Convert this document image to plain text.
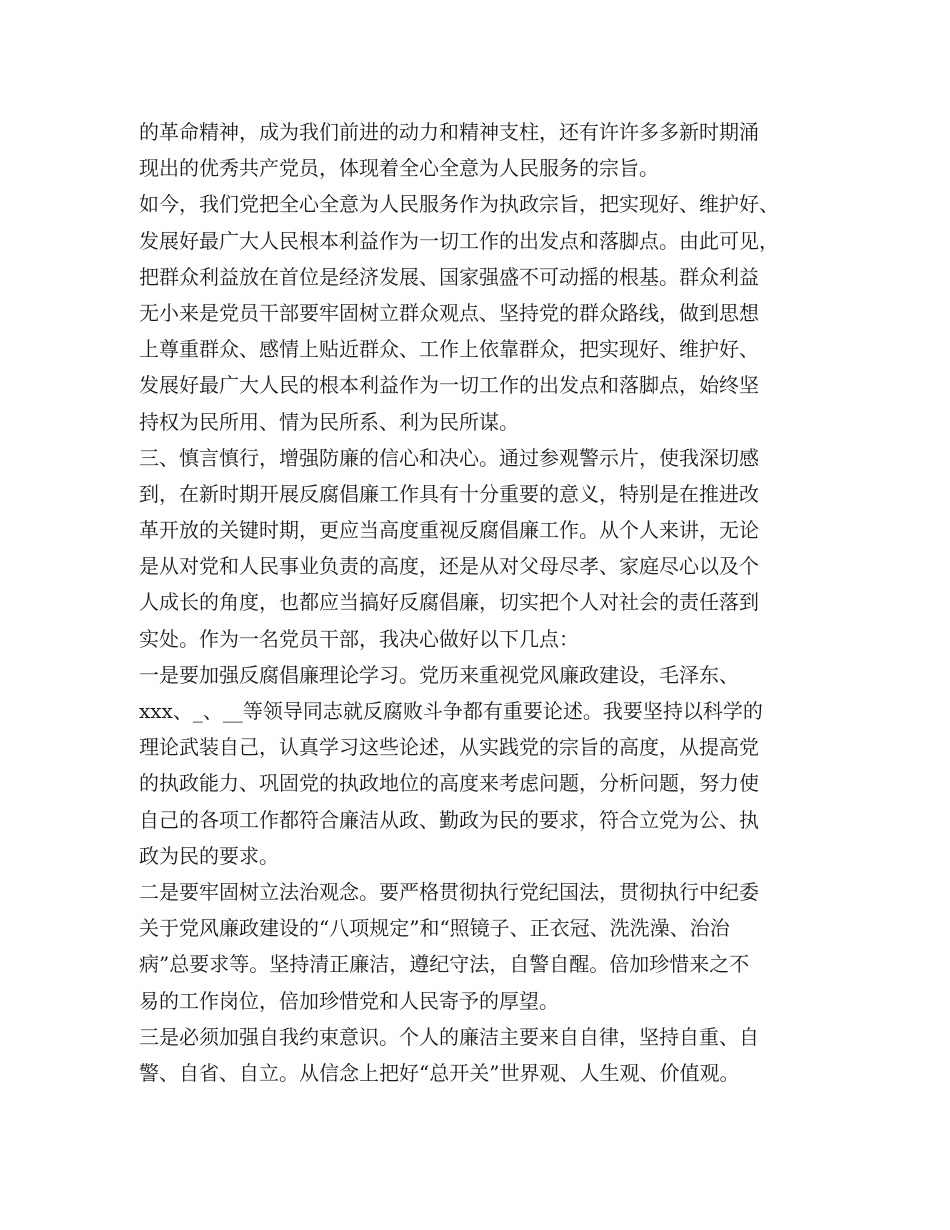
的革命精神，成为我们前进的动力和精神支柱，还有许许多多新时期涌
现出的优秀共产党员，体现着全心全意为人民服务的宗旨。
如今，我们党把全心全意为人民服务作为执政宗旨，把实现好、维护好、
发展好最广大人民根本利益作为一切工作的出发点和落脚点。由此可见，
把群众利益放在首位是经济发展、国家强盛不可动摇的根基。群众利益
无小来是党员干部要牢固树立群众观点、坚持党的群众路线，做到思想
上尊重群众、感情上贴近群众、工作上依靠群众，把实现好、维护好、
发展好最广大人民的根本利益作为一切工作的出发点和落脚点，始终坚
持权为民所用、情为民所系、利为民所谋。
三、慎言慎行，增强防廉的信心和决心。通过参观警示片，使我深切感
到，在新时期开展反腐倡廉工作具有十分重要的意义，特别是在推进改
革开放的关键时期，更应当高度重视反腐倡廉工作。从个人来讲，无论
是从对党和人民事业负责的高度，还是从对父母尽孝、家庭尽心以及个
人成长的角度，也都应当搞好反腐倡廉，切实把个人对社会的责任落到
实处。作为一名党员干部，我决心做好以下几点：
一是要加强反腐倡廉理论学习。党历来重视党风廉政建设，毛泽东、
xxx、_、__等领导同志就反腐败斗争都有重要论述。我要坚持以科学的
理论武装自己，认真学习这些论述，从实践党的宗旨的高度，从提高党
的执政能力、巩固党的执政地位的高度来考虑问题，分析问题，努力使
自己的各项工作都符合廉洁从政、勤政为民的要求，符合立党为公、执
政为民的要求。
二是要牢固树立法治观念。要严格贯彻执行党纪国法，贯彻执行中纪委
关于党风廉政建设的“八项规定”和“照镜子、正衣冠、洗洗澡、治治
病”总要求等。坚持清正廉洁，遵纪守法，自警自醒。倍加珍惜来之不
易的工作岗位，倍加珍惜党和人民寄予的厚望。
三是必须加强自我约束意识。个人的廉洁主要来自自律，坚持自重、自
警、自省、自立。从信念上把好“总开关”世界观、人生观、价值观。
